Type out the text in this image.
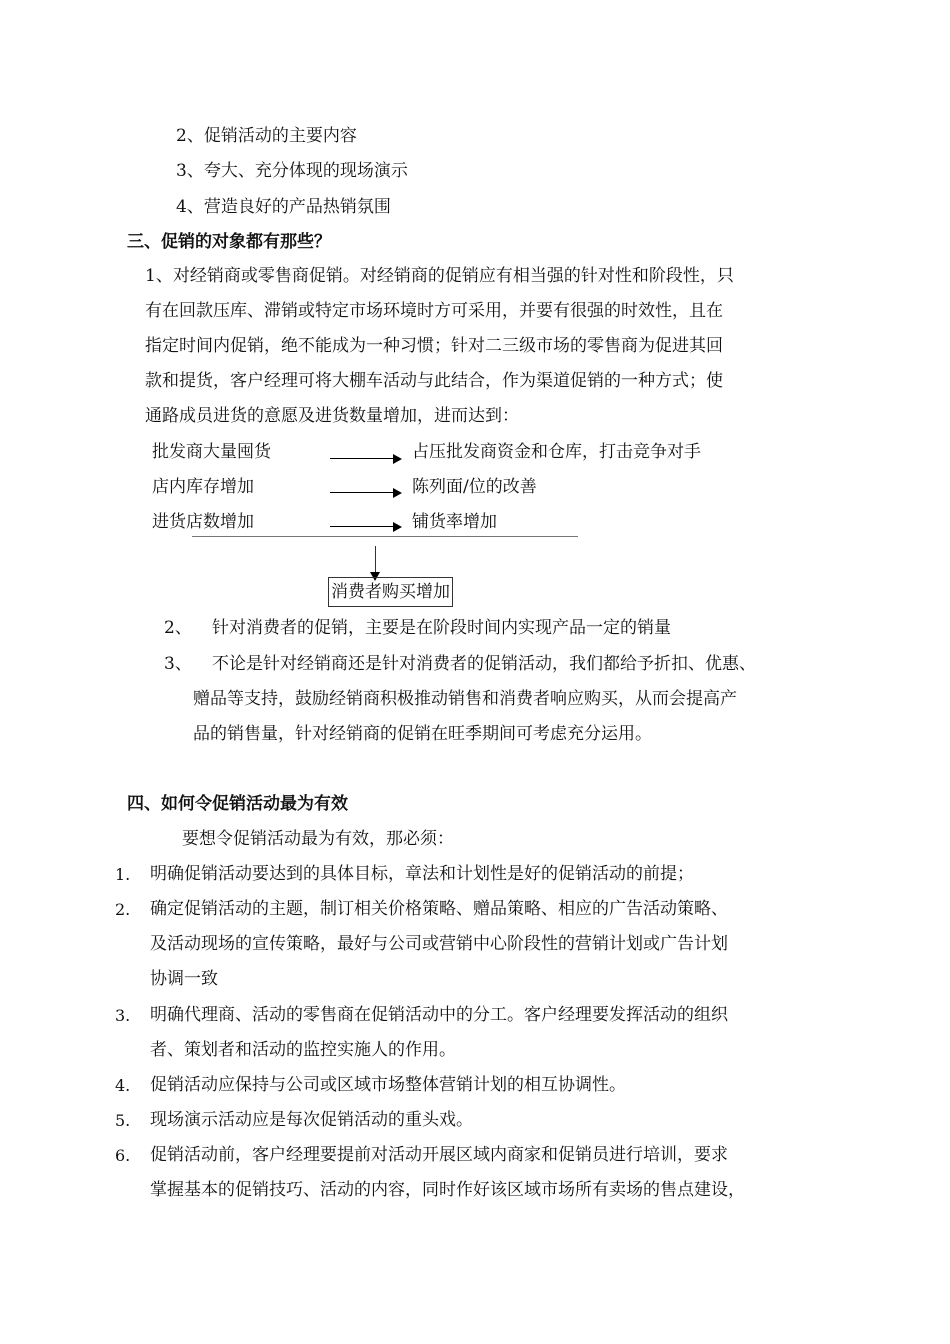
2、促销活动的主要内容
3、夸大、充分体现的现场演示
4、营造良好的产品热销氛围
三、促销的对象都有那些？
1、对经销商或零售商促销。对经销商的促销应有相当强的针对性和阶段性，只
有在回款压库、滞销或特定市场环境时方可采用，并要有很强的时效性，且在
指定时间内促销，绝不能成为一种习惯；针对二三级市场的零售商为促进其回
款和提货，客户经理可将大棚车活动与此结合，作为渠道促销的一种方式；使
通路成员进货的意愿及进货数量增加，进而达到：
批发商大量囤货	占压批发商资金和仓库，打击竞争对手
店内库存增加	陈列面/位的改善
进货店数增加	铺货率增加
消费者购买增加
2、 针对消费者的促销，主要是在阶段时间内实现产品一定的销量
3、 不论是针对经销商还是针对消费者的促销活动，我们都给予折扣、优惠、
赠品等支持，鼓励经销商积极推动销售和消费者响应购买，从而会提高产
品的销售量，针对经销商的促销在旺季期间可考虑充分运用。
四、如何令促销活动最为有效
要想令促销活动最为有效，那必须：
1. 明确促销活动要达到的具体目标，章法和计划性是好的促销活动的前提；
2. 确定促销活动的主题，制订相关价格策略、赠品策略、相应的广告活动策略、
及活动现场的宣传策略，最好与公司或营销中心阶段性的营销计划或广告计划
协调一致
3. 明确代理商、活动的零售商在促销活动中的分工。客户经理要发挥活动的组织
者、策划者和活动的监控实施人的作用。
4. 促销活动应保持与公司或区域市场整体营销计划的相互协调性。
5. 现场演示活动应是每次促销活动的重头戏。
6. 促销活动前，客户经理要提前对活动开展区域内商家和促销员进行培训，要求
掌握基本的促销技巧、活动的内容，同时作好该区域市场所有卖场的售点建设，
